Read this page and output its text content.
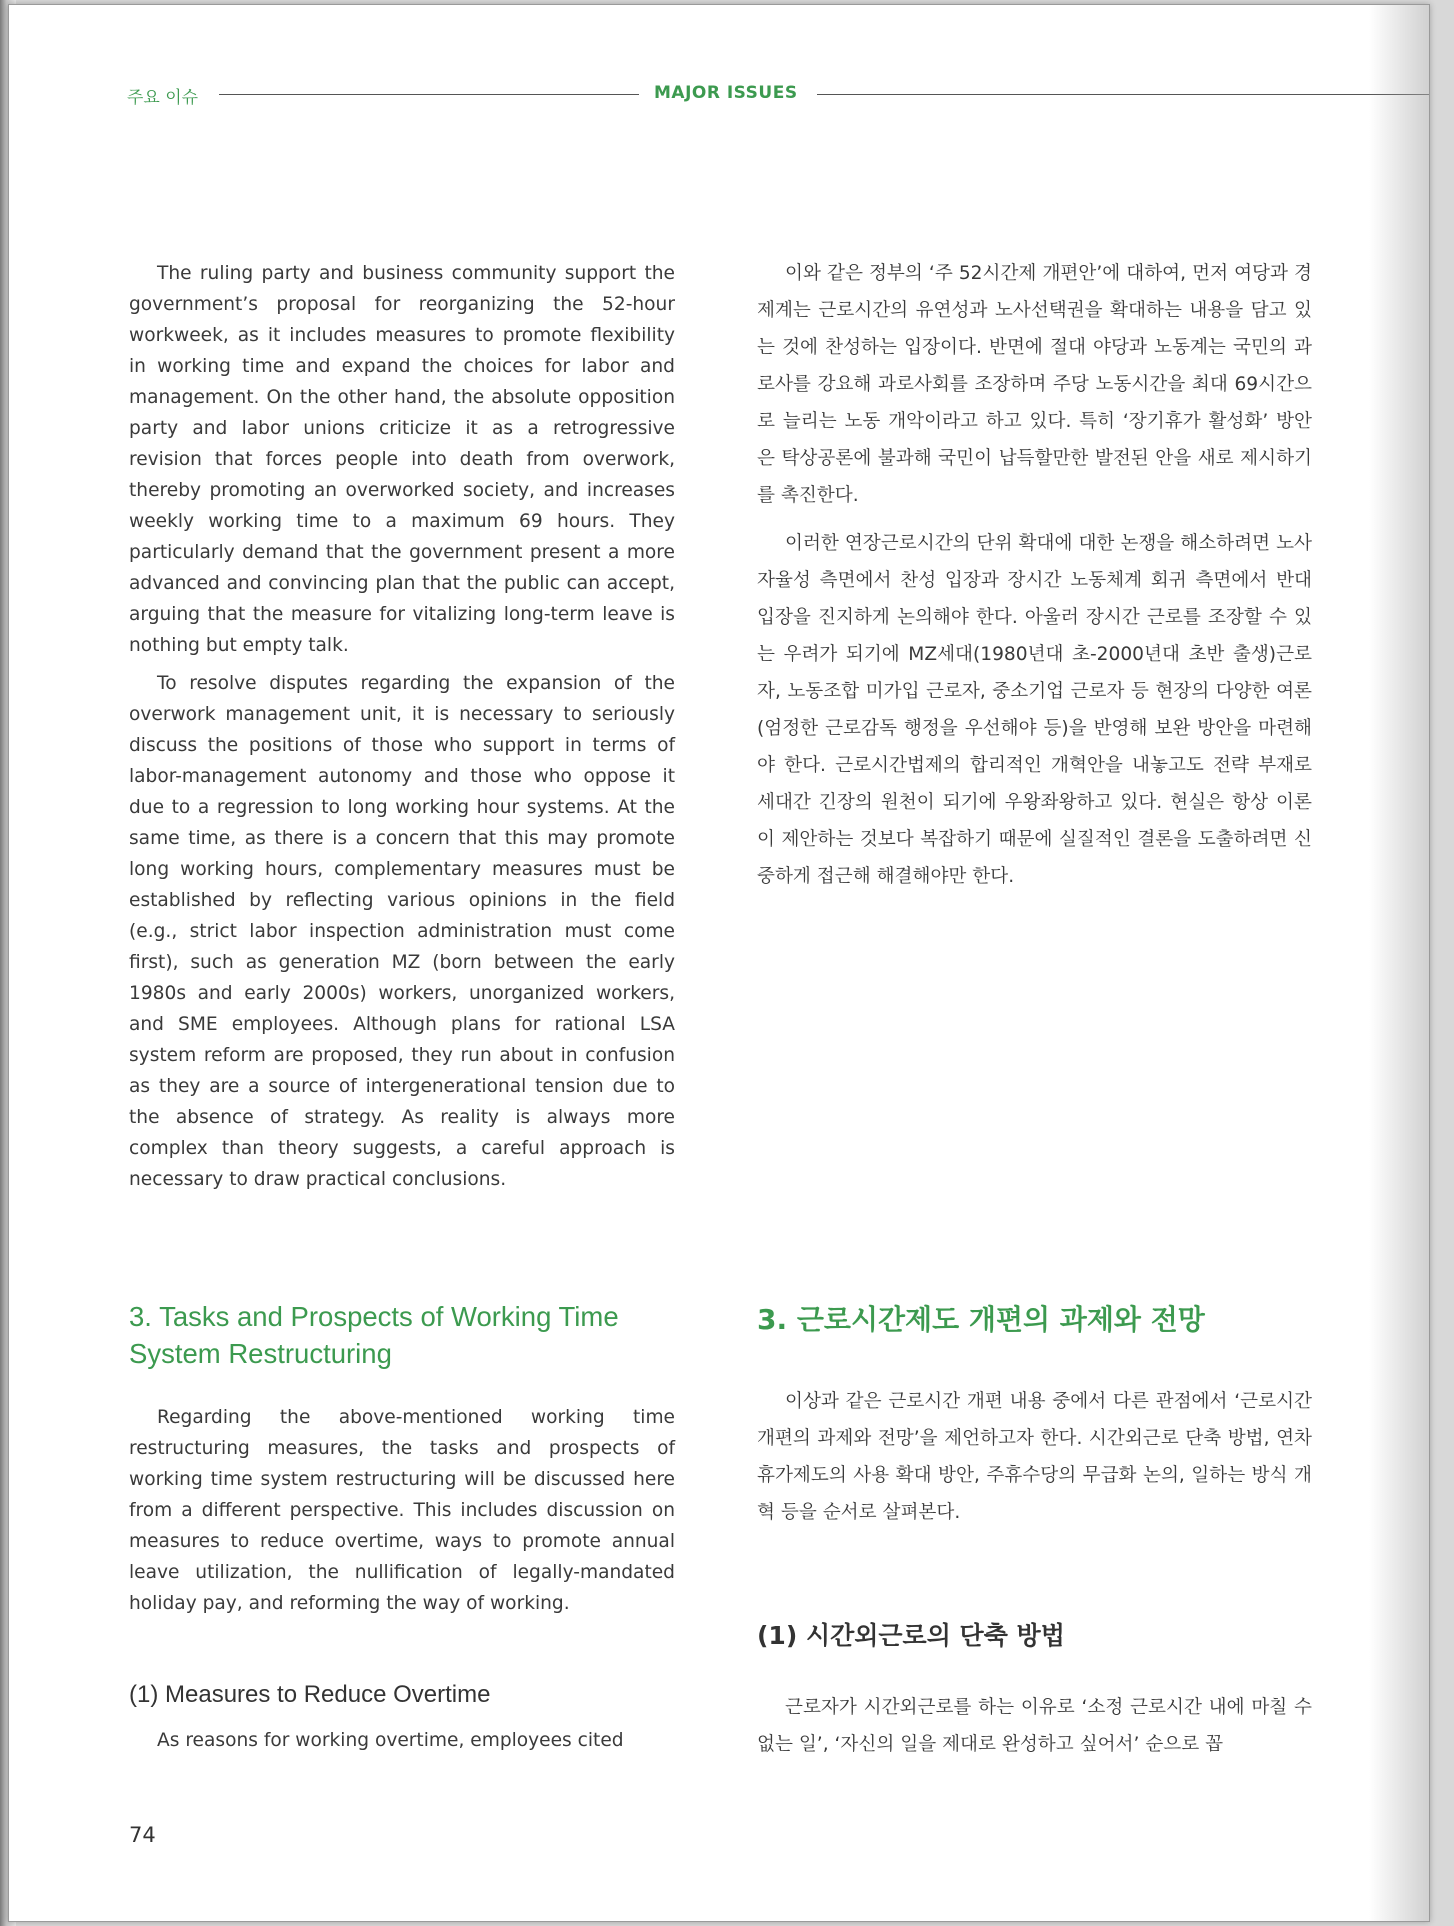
주요 이슈	MAJOR ISSUES

The ruling party and business community support the government’s proposal for reorganizing the 52-hour workweek, as it includes measures to promote flexibility in working time and expand the choices for labor and management. On the other hand, the absolute opposition party and labor unions criticize it as a retrogressive revision that forces people into death from overwork, thereby promoting an overworked society, and increases weekly working time to a maximum 69 hours. They particularly demand that the government present a more advanced and convincing plan that the public can accept, arguing that the measure for vitalizing long-term leave is nothing but empty talk.

To resolve disputes regarding the expansion of the overwork management unit, it is necessary to seriously discuss the positions of those who support in terms of labor-management autonomy and those who oppose it due to a regression to long working hour systems. At the same time, as there is a concern that this may promote long working hours, complementary measures must be established by reflecting various opinions in the field (e.g., strict labor inspection administration must come first), such as generation MZ (born between the early 1980s and early 2000s) workers, unorganized workers, and SME employees. Although plans for rational LSA system reform are proposed, they run about in confusion as they are a source of intergenerational tension due to the absence of strategy. As reality is always more complex than theory suggests, a careful approach is necessary to draw practical conclusions.

이와 같은 정부의 ‘주 52시간제 개편안’에 대하여, 먼저 여당과 경제계는 근로시간의 유연성과 노사선택권을 확대하는 내용을 담고 있는 것에 찬성하는 입장이다. 반면에 절대 야당과 노동계는 국민의 과로사를 강요해 과로사회를 조장하며 주당 노동시간을 최대 69시간으로 늘리는 노동 개악이라고 하고 있다. 특히 ‘장기휴가 활성화’ 방안은 탁상공론에 불과해 국민이 납득할만한 발전된 안을 새로 제시하기를 촉진한다.

이러한 연장근로시간의 단위 확대에 대한 논쟁을 해소하려면 노사 자율성 측면에서 찬성 입장과 장시간 노동체계 회귀 측면에서 반대 입장을 진지하게 논의해야 한다. 아울러 장시간 근로를 조장할 수 있는 우려가 되기에 MZ세대(1980년대 초-2000년대 초반 출생)근로자, 노동조합 미가입 근로자, 중소기업 근로자 등 현장의 다양한 여론(엄정한 근로감독 행정을 우선해야 등)을 반영해 보완 방안을 마련해야 한다. 근로시간법제의 합리적인 개혁안을 내놓고도 전략 부재로 세대간 긴장의 원천이 되기에 우왕좌왕하고 있다. 현실은 항상 이론이 제안하는 것보다 복잡하기 때문에 실질적인 결론을 도출하려면 신중하게 접근해 해결해야만 한다.

3. Tasks and Prospects of Working Time System Restructuring

Regarding the above-mentioned working time restructuring measures, the tasks and prospects of working time system restructuring will be discussed here from a different perspective. This includes discussion on measures to reduce overtime, ways to promote annual leave utilization, the nullification of legally-mandated holiday pay, and reforming the way of working.

(1) Measures to Reduce Overtime

As reasons for working overtime, employees cited

3. 근로시간제도 개편의 과제와 전망

이상과 같은 근로시간 개편 내용 중에서 다른 관점에서 ‘근로시간 개편의 과제와 전망’을 제언하고자 한다. 시간외근로 단축 방법, 연차휴가제도의 사용 확대 방안, 주휴수당의 무급화 논의, 일하는 방식 개혁 등을 순서로 살펴본다.

(1) 시간외근로의 단축 방법

근로자가 시간외근로를 하는 이유로 ‘소정 근로시간 내에 마칠 수 없는 일’, ‘자신의 일을 제대로 완성하고 싶어서’ 순으로 꼽

74
